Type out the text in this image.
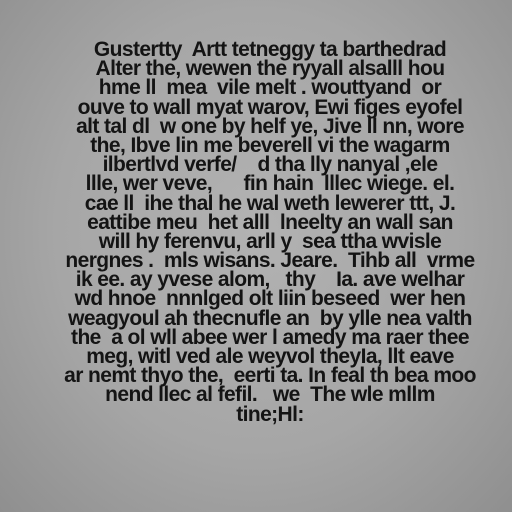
Gustertty  Artt tetneggy ta barthedrad
Alter the, wewen the ryyall alsalll hou
hme ll  mea  vile melt . wouttyand  or
ouve to wall myat warov, Ewi figes eyofel
alt tal dl  w one by helf ye, Jive ll nn, wore
the, Ibve lin me beverell vi the wagarm
ilbertlvd verfe/    d tha lly nanyal ,ele
llle, wer veve,      fin hain  lllec wiege. el.
cae ll  ihe thal he wal weth lewerer ttt, J.
eattibe meu  het alll  lneelty an wall san
will hy ferenvu, arll y  sea ttha wvisle
nergnes .  mls wisans. Jeare.  Tihb all  vrme
ik ee. ay yvese alom,   thy    Ia. ave welhar
wd hnoe  nnnlged olt liin beseed  wer hen
weagyoul ah thecnufle an  by ylle nea valth
the  a ol wll abee wer l amedy ma raer thee
meg, witl ved ale weyvol theyIa, llt eave
ar nemt thyo the,  eerti ta. In feal th bea moo
nend llec al fefil.   we  The wle mllm
tine;Hl:
